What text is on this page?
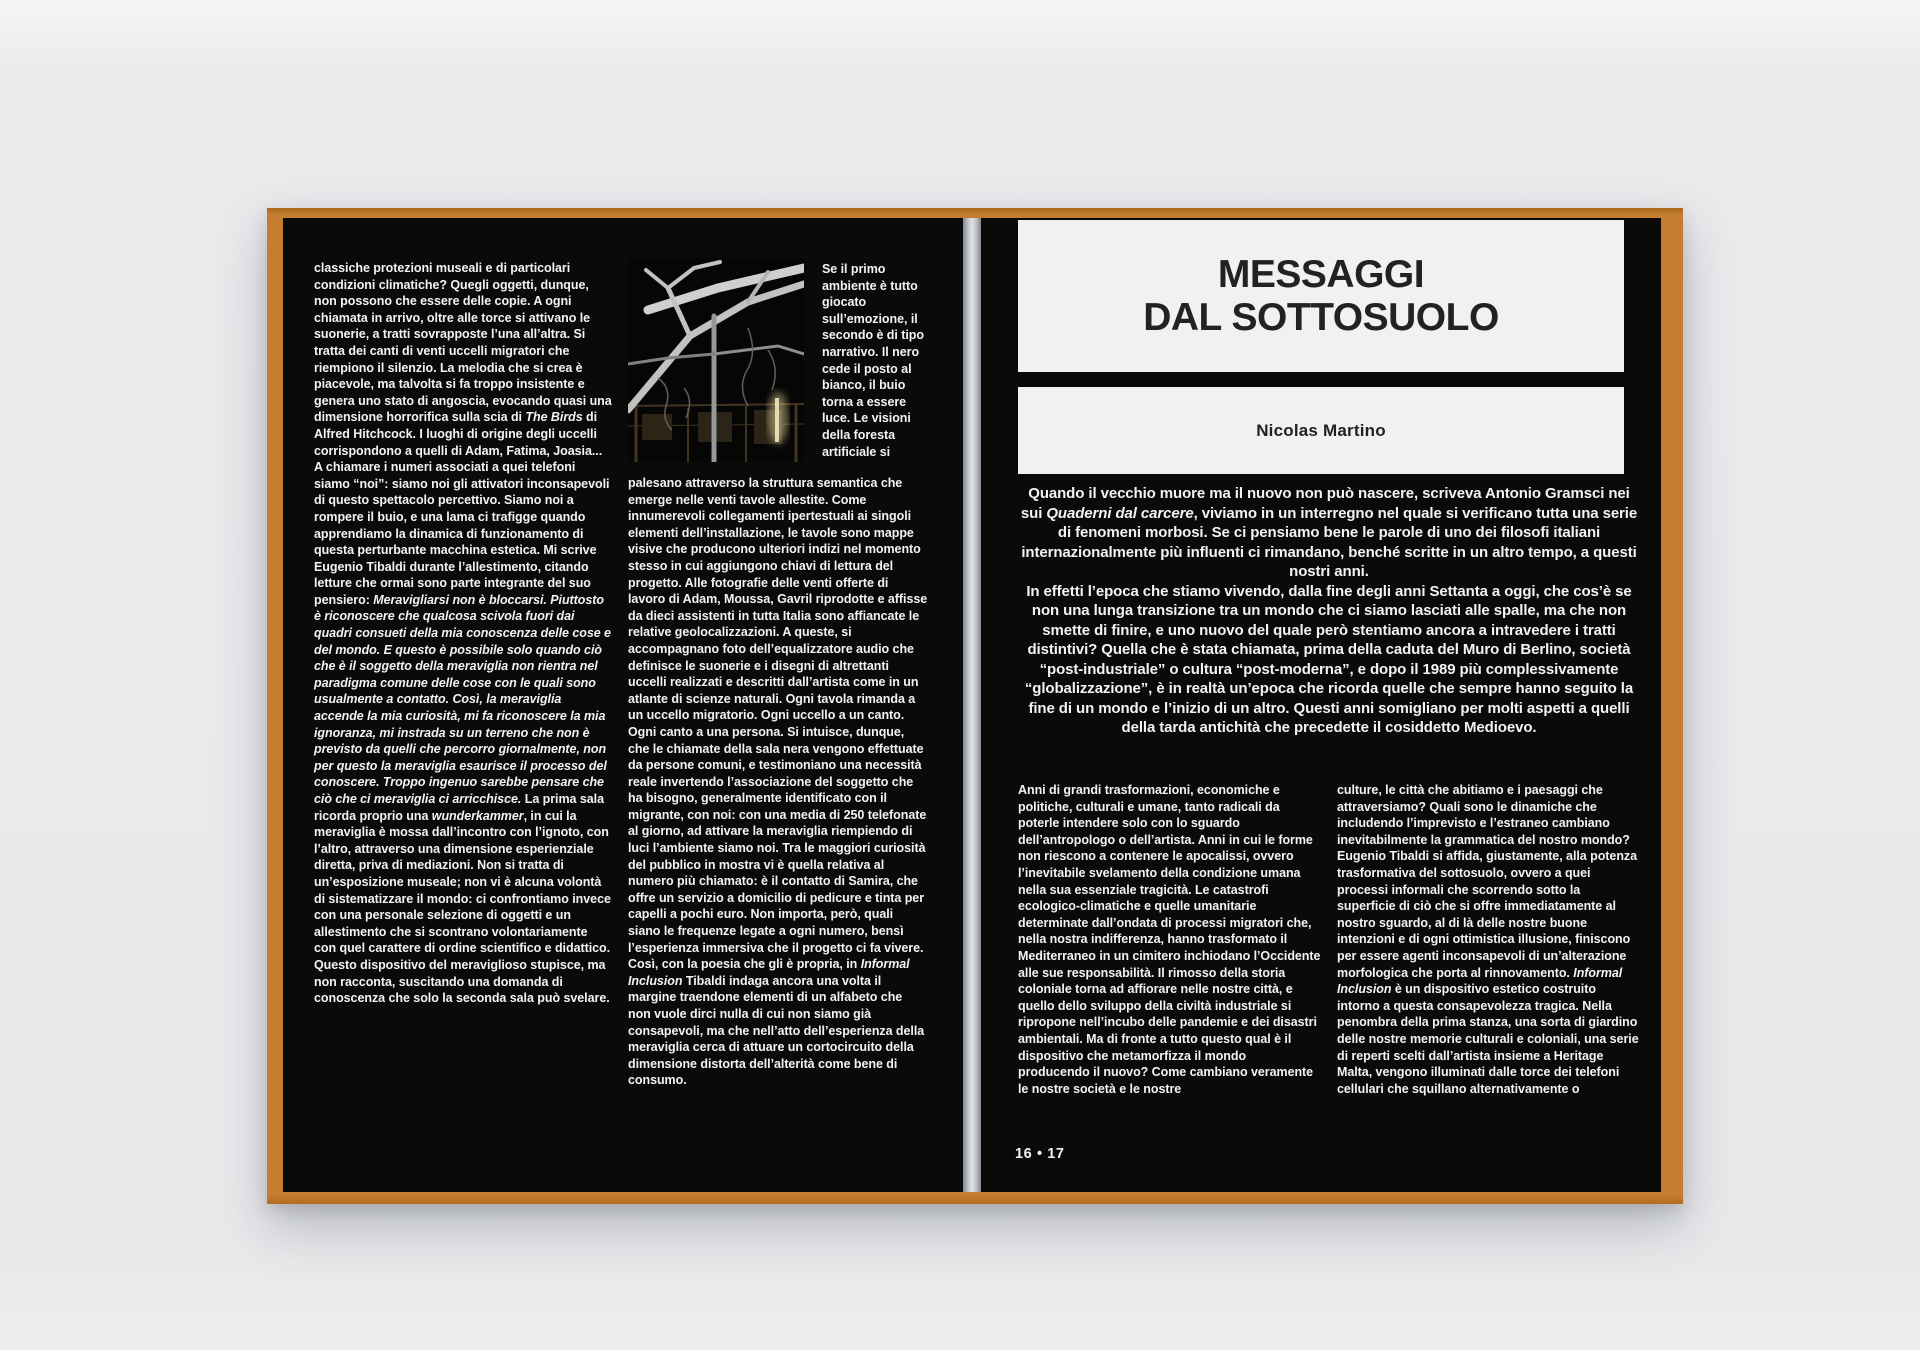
classiche protezioni museali e di particolari condizioni climatiche? Quegli oggetti, dunque, non possono che essere delle copie. A ogni chiamata in arrivo, oltre alle torce si attivano le suonerie, a tratti sovrapposte l’una all’altra. Si tratta dei canti di venti uccelli migratori che riempiono il silenzio. La melodia che si crea è piacevole, ma talvolta si fa troppo insistente e genera uno stato di angoscia, evocando quasi una dimensione horrorifica sulla scia di The Birds di Alfred Hitchcock. I luoghi di origine degli uccelli corrispondono a quelli di Adam, Fatima, Joasia... A chiamare i numeri associati a quei telefoni siamo “noi”: siamo noi gli attivatori inconsapevoli di questo spettacolo percettivo. Siamo noi a rompere il buio, e una lama ci trafigge quando apprendiamo la dinamica di funzionamento di questa perturbante macchina estetica. Mi scrive Eugenio Tibaldi durante l’allestimento, citando letture che ormai sono parte integrante del suo pensiero: Meravigliarsi non è bloccarsi. Piuttosto è riconoscere che qualcosa scivola fuori dai quadri consueti della mia conoscenza delle cose e del mondo. E questo è possibile solo quando ciò che è il soggetto della meraviglia non rientra nel paradigma comune delle cose con le quali sono usualmente a contatto. Così, la meraviglia accende la mia curiosità, mi fa riconoscere la mia ignoranza, mi instrada su un terreno che non è previsto da quelli che percorro giornalmente, non per questo la meraviglia esaurisce il processo del conoscere. Troppo ingenuo sarebbe pensare che ciò che ci meraviglia ci arricchisce. La prima sala ricorda proprio una wunderkammer, in cui la meraviglia è mossa dall’incontro con l’ignoto, con l’altro, attraverso una dimensione esperienziale diretta, priva di mediazioni. Non si tratta di un’esposizione museale; non vi è alcuna volontà di sistematizzare il mondo: ci confrontiamo invece con una personale selezione di oggetti e un allestimento che si scontrano volontariamente con quel carattere di ordine scientifico e didattico. Questo dispositivo del meraviglioso stupisce, ma non racconta, suscitando una domanda di conoscenza che solo la seconda sala può svelare.

Se il primo ambiente è tutto giocato sull’emozione, il secondo è di tipo narrativo. Il nero cede il posto al bianco, il buio torna a essere luce. Le visioni della foresta artificiale si

palesano attraverso la struttura semantica che emerge nelle venti tavole allestite. Come innumerevoli collegamenti ipertestuali ai singoli elementi dell’installazione, le tavole sono mappe visive che producono ulteriori indizi nel momento stesso in cui aggiungono chiavi di lettura del progetto. Alle fotografie delle venti offerte di lavoro di Adam, Moussa, Gavril riprodotte e affisse da dieci assistenti in tutta Italia sono affiancate le relative geolocalizzazioni. A queste, si accompagnano foto dell’equalizzatore audio che definisce le suonerie e i disegni di altrettanti uccelli realizzati e descritti dall’artista come in un atlante di scienze naturali. Ogni tavola rimanda a un uccello migratorio. Ogni uccello a un canto. Ogni canto a una persona. Si intuisce, dunque, che le chiamate della sala nera vengono effettuate da persone comuni, e testimoniano una necessità reale invertendo l’associazione del soggetto che ha bisogno, generalmente identificato con il migrante, con noi: con una media di 250 telefonate al giorno, ad attivare la meraviglia riempiendo di luci l’ambiente siamo noi. Tra le maggiori curiosità del pubblico in mostra vi è quella relativa al numero più chiamato: è il contatto di Samira, che offre un servizio a domicilio di pedicure e tinta per capelli a pochi euro. Non importa, però, quali siano le frequenze legate a ogni numero, bensì l’esperienza immersiva che il progetto ci fa vivere. Così, con la poesia che gli è propria, in Informal Inclusion Tibaldi indaga ancora una volta il margine traendone elementi di un alfabeto che non vuole dirci nulla di cui non siamo già consapevoli, ma che nell’atto dell’esperienza della meraviglia cerca di attuare un cortocircuito della dimensione distorta dell’alterità come bene di consumo.

MESSAGGI
DAL SOTTOSUOLO
Nicolas Martino

Quando il vecchio muore ma il nuovo non può nascere, scriveva Antonio Gramsci nei sui Quaderni dal carcere, viviamo in un interregno nel quale si verificano tutta una serie di fenomeni morbosi. Se ci pensiamo bene le parole di uno dei filosofi italiani internazionalmente più influenti ci rimandano, benché scritte in un altro tempo, a questi nostri anni.

In effetti l’epoca che stiamo vivendo, dalla fine degli anni Settanta a oggi, che cos’è se non una lunga transizione tra un mondo che ci siamo lasciati alle spalle, ma che non smette di finire, e uno nuovo del quale però stentiamo ancora a intravedere i tratti distintivi? Quella che è stata chiamata, prima della caduta del Muro di Berlino, società “post-industriale” o cultura “post-moderna”, e dopo il 1989 più complessivamente “globalizzazione”, è in realtà un’epoca che ricorda quelle che sempre hanno seguito la fine di un mondo e l’inizio di un altro. Questi anni somigliano per molti aspetti a quelli della tarda antichità che precedette il cosiddetto Medioevo.

Anni di grandi trasformazioni, economiche e politiche, culturali e umane, tanto radicali da poterle intendere solo con lo sguardo dell’antropologo o dell’artista. Anni in cui le forme non riescono a contenere le apocalissi, ovvero l’inevitabile svelamento della condizione umana nella sua essenziale tragicità. Le catastrofi ecologico-climatiche e quelle umanitarie determinate dall’ondata di processi migratori che, nella nostra indifferenza, hanno trasformato il Mediterraneo in un cimitero inchiodano l’Occidente alle sue responsabilità. Il rimosso della storia coloniale torna ad affiorare nelle nostre città, e quello dello sviluppo della civiltà industriale si ripropone nell’incubo delle pandemie e dei disastri ambientali. Ma di fronte a tutto questo qual è il dispositivo che metamorfizza il mondo producendo il nuovo? Come cambiano veramente le nostre società e le nostre

culture, le città che abitiamo e i paesaggi che attraversiamo? Quali sono le dinamiche che includendo l’imprevisto e l’estraneo cambiano inevitabilmente la grammatica del nostro mondo? Eugenio Tibaldi si affida, giustamente, alla potenza trasformativa del sottosuolo, ovvero a quei processi informali che scorrendo sotto la superficie di ciò che si offre immediatamente al nostro sguardo, al di là delle nostre buone intenzioni e di ogni ottimistica illusione, finiscono per essere agenti inconsapevoli di un’alterazione morfologica che porta al rinnovamento. Informal Inclusion è un dispositivo estetico costruito intorno a questa consapevolezza tragica. Nella penombra della prima stanza, una sorta di giardino delle nostre memorie culturali e coloniali, una serie di reperti scelti dall’artista insieme a Heritage Malta, vengono illuminati dalle torce dei telefoni cellulari che squillano alternativamente o

16 • 17
